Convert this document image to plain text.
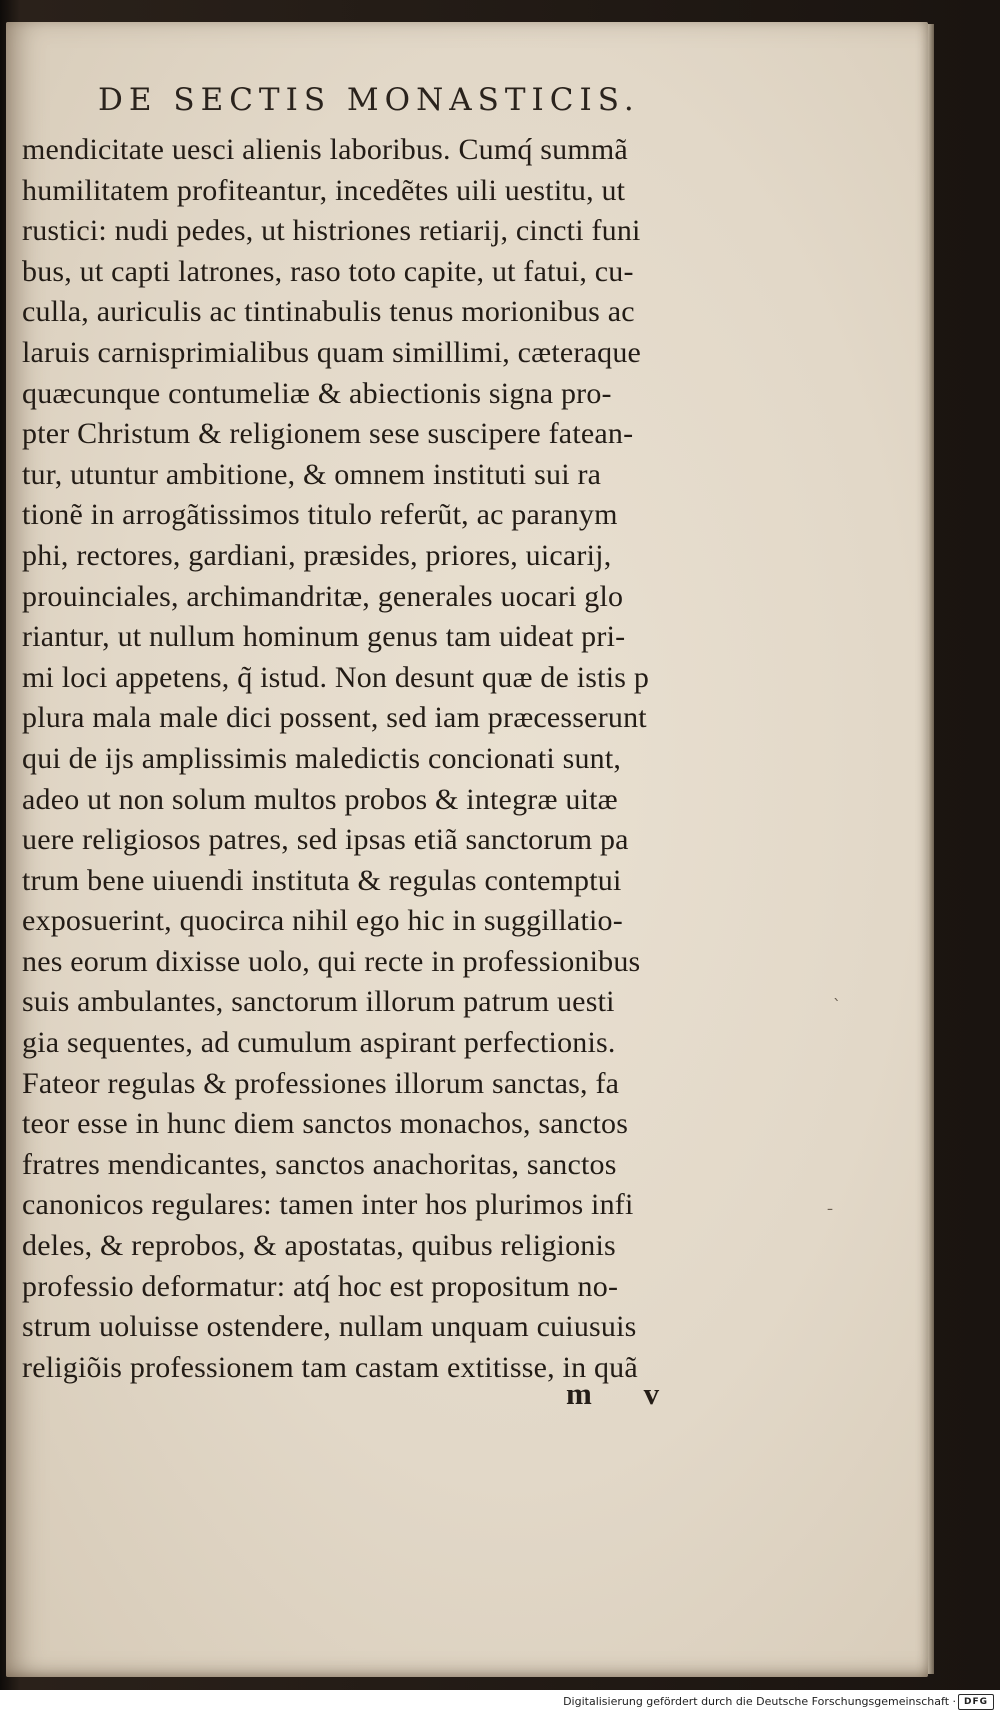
DE SECTIS MONASTICIS.
mendicitate uesci alienis laboribus. Cumq́ summã
humilitatem profiteantur, incedẽtes uili uestitu, ut
rustici: nudi pedes, ut histriones retiarij, cincti funi
bus, ut capti latrones, raso toto capite, ut fatui, cu-
culla, auriculis ac tintinabulis tenus morionibus ac
laruis carnisprimialibus quam simillimi, cæteraque
quæcunque contumeliæ & abiectionis signa pro-
pter Christum & religionem sese suscipere fatean-
tur, utuntur ambitione, & omnem instituti sui ra
tionẽ in arrogãtissimos titulo referũt, ac paranym
phi, rectores, gardiani, præsides, priores, uicarij,
prouinciales, archimandritæ, generales uocari glo
riantur, ut nullum hominum genus tam uideat pri-
mi loci appetens, q̃ istud. Non desunt quæ de istis p
plura mala male dici possent, sed iam præcesserunt
qui de ijs amplissimis maledictis concionati sunt,
adeo ut non solum multos probos & integræ uitæ
uere religiosos patres, sed ipsas etiã sanctorum pa
trum bene uiuendi instituta & regulas contemptui
exposuerint, quocirca nihil ego hic in suggillatio-
nes eorum dixisse uolo, qui recte in professionibus
suis ambulantes, sanctorum illorum patrum uesti
gia sequentes, ad cumulum aspirant perfectionis.
Fateor regulas & professiones illorum sanctas, fa
teor esse in hunc diem sanctos monachos, sanctos
fratres mendicantes, sanctos anachoritas, sanctos
canonicos regulares: tamen inter hos plurimos infi
deles, & reprobos, & apostatas, quibus religionis
professio deformatur: atq́ hoc est propositum no-
strum uoluisse ostendere, nullam unquam cuiusuis
religiõis professionem tam castam extitisse, in quã
m v
ˎ
ˉ
Digitalisierung gefördert durch die Deutsche Forschungsgemeinschaft · DFG
